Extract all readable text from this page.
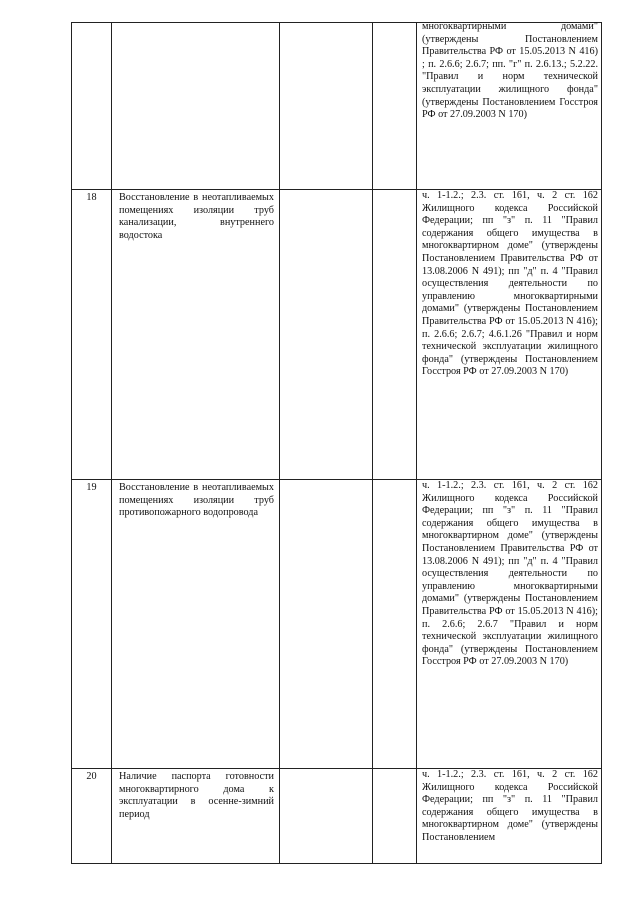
				многоквартирными домами" (утверждены Постановлением Правительства РФ от 15.05.2013 N 416) ; п. 2.6.6; 2.6.7; пп. "г" п. 2.6.13.; 5.2.22. "Правил и норм технической эксплуатации жилищного фонда" (утверждены Постановлением Госстроя РФ от 27.09.2003 N 170)

18	Восстановление в неотапливаемых помещениях изоляции труб канализации, внутреннего водостока			ч. 1-1.2.; 2.3. ст. 161, ч. 2 ст. 162 Жилищного кодекса Российской Федерации; пп "з" п. 11 "Правил содержания общего имущества в многоквартирном доме" (утверждены Постановлением Правительства РФ от 13.08.2006 N 491); пп "д" п. 4 "Правил осуществления деятельности по управлению многоквартирными домами" (утверждены Постановлением Правительства РФ от 15.05.2013 N 416); п. 2.6.6; 2.6.7; 4.6.1.26 "Правил и норм технической эксплуатации жилищного фонда" (утверждены Постановлением Госстроя РФ от 27.09.2003 N 170)

19	Восстановление в неотапливаемых помещениях изоляции труб противопожарного водопровода			ч. 1-1.2.; 2.3. ст. 161, ч. 2 ст. 162 Жилищного кодекса Российской Федерации; пп "з" п. 11 "Правил содержания общего имущества в многоквартирном доме" (утверждены Постановлением Правительства РФ от 13.08.2006 N 491); пп "д" п. 4 "Правил осуществления деятельности по управлению многоквартирными домами" (утверждены Постановлением Правительства РФ от 15.05.2013 N 416); п. 2.6.6; 2.6.7 "Правил и норм технической эксплуатации жилищного фонда" (утверждены Постановлением Госстроя РФ от 27.09.2003 N 170)

20	Наличие паспорта готовности многоквартирного дома к эксплуатации в осенне-зимний период			ч. 1-1.2.; 2.3. ст. 161, ч. 2 ст. 162 Жилищного кодекса Российской Федерации; пп "з" п. 11 "Правил содержания общего имущества в многоквартирном доме" (утверждены Постановлением
